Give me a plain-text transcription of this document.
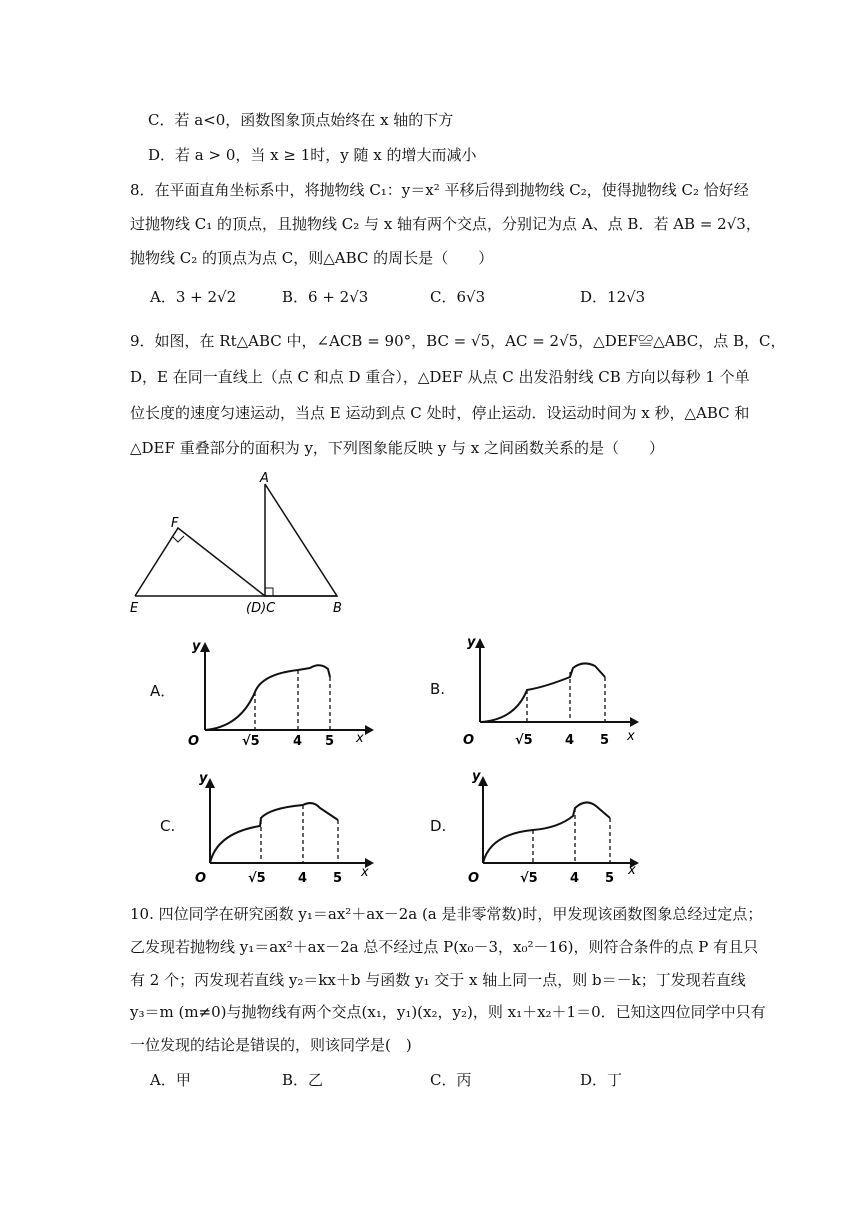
C．若 a<0，函数图象顶点始终在 x 轴的下方
D．若 a > 0，当 x ≥ 1时，y 随 x 的增大而减小
8．在平面直角坐标系中，将抛物线 C₁：y＝x² 平移后得到抛物线 C₂，使得抛物线 C₂ 恰好经
过抛物线 C₁ 的顶点，且抛物线 C₂ 与 x 轴有两个交点，分别记为点 A、点 B．若 AB = 2√3，
抛物线 C₂ 的顶点为点 C，则△ABC 的周长是（　　）
A．3 + 2√2	B．6 + 2√3	C．6√3	D．12√3
9．如图，在 Rt△ABC 中，∠ACB = 90°，BC = √5，AC = 2√5，△DEF≌△ABC，点 B，C，
D，E 在同一直线上（点 C 和点 D 重合），△DEF 从点 C 出发沿射线 CB 方向以每秒 1 个单
位长度的速度匀速运动，当点 E 运动到点 C 处时，停止运动．设运动时间为 x 秒，△ABC 和
△DEF 重叠部分的面积为 y，下列图象能反映 y 与 x 之间函数关系的是（　　）
A
F
E	(D)C	B
A．
y
x
O	√5	4 5
B.
y
x
O	√5 4 5
C.
y
x
O	√5 4 5
D.
y
x
O	√5 4 5
10. 四位同学在研究函数 y₁＝ax²＋ax－2a (a 是非零常数)时，甲发现该函数图象总经过定点；
乙发现若抛物线 y₁＝ax²＋ax－2a 总不经过点 P(x₀－3，x₀²－16)，则符合条件的点 P 有且只
有 2 个；丙发现若直线 y₂＝kx＋b 与函数 y₁ 交于 x 轴上同一点，则 b＝－k；丁发现若直线
y₃＝m (m≠0)与抛物线有两个交点(x₁，y₁)(x₂，y₂)，则 x₁＋x₂＋1＝0．已知这四位同学中只有
一位发现的结论是错误的，则该同学是(　)
A．甲	B．乙	C．丙	D．丁
